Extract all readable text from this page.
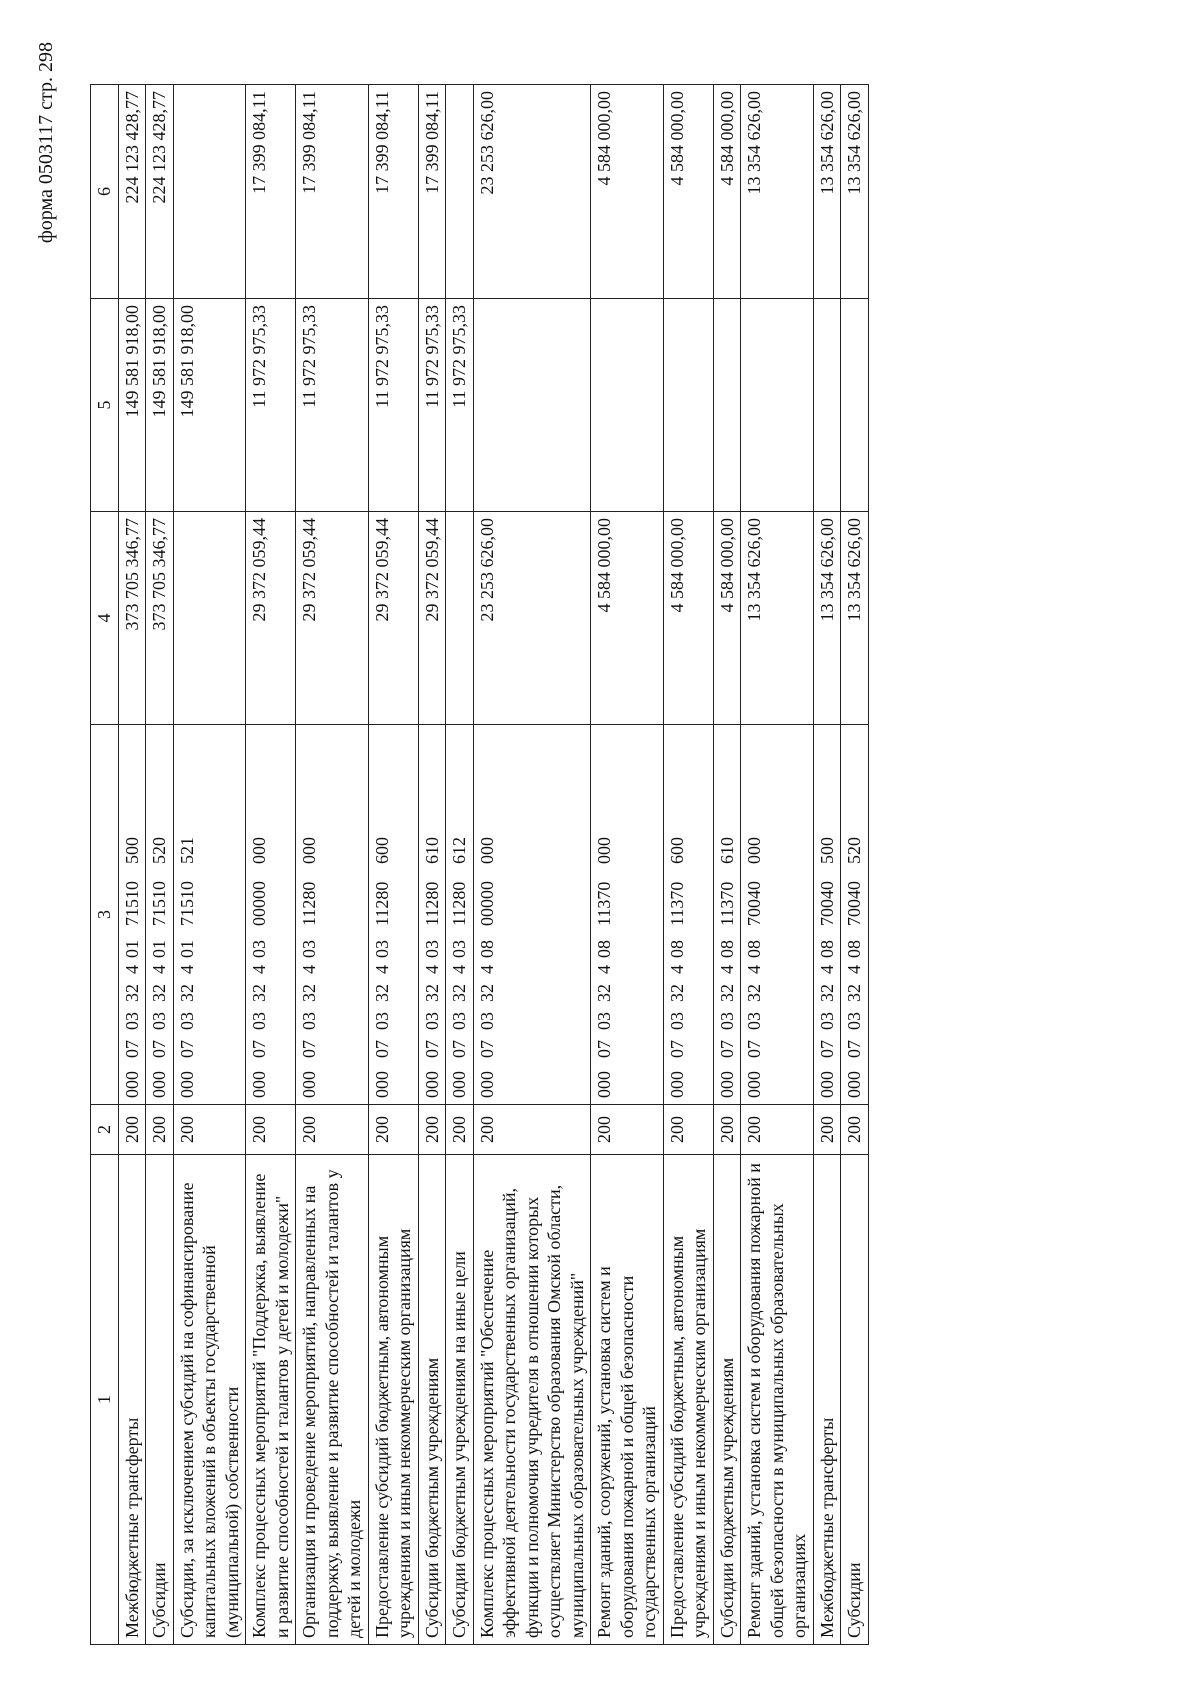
форма 0503117 стр. 298
1	2	3	4	5	6
Межбюджетные трансферты	200	00007033240171510500	373 705 346,77	149 581 918,00	224 123 428,77
Субсидии	200	00007033240171510520	373 705 346,77	149 581 918,00	224 123 428,77
Субсидии, за исключением субсидий на софинансирование капитальных вложений в объекты государственной (муниципальной) собственности	200	00007033240171510521		149 581 918,00	
Комплекс процессных мероприятий "Поддержка, выявление и развитие способностей и талантов у детей и молодежи"	200	00007033240300000000	29 372 059,44	11 972 975,33	17 399 084,11
Организация и проведение мероприятий, направленных на поддержку, выявление и развитие способностей и талантов у детей и молодежи	200	00007033240311280000	29 372 059,44	11 972 975,33	17 399 084,11
Предоставление субсидий бюджетным, автономным учреждениям и иным некоммерческим организациям	200	00007033240311280600	29 372 059,44	11 972 975,33	17 399 084,11
Субсидии бюджетным учреждениям	200	00007033240311280610	29 372 059,44	11 972 975,33	17 399 084,11
Субсидии бюджетным учреждениям на иные цели	200	00007033240311280612		11 972 975,33	
Комплекс процессных мероприятий "Обеспечение эффективной деятельности государственных организаций, функции и полномочия учредителя в отношении которых осуществляет Министерство образования Омской области, муниципальных образовательных учреждений"	200	00007033240800000000	23 253 626,00		23 253 626,00
Ремонт зданий, сооружений, установка систем и оборудования пожарной и общей безопасности государственных организаций	200	00007033240811370000	4 584 000,00		4 584 000,00
Предоставление субсидий бюджетным, автономным учреждениям и иным некоммерческим организациям	200	00007033240811370600	4 584 000,00		4 584 000,00
Субсидии бюджетным учреждениям	200	00007033240811370610	4 584 000,00		4 584 000,00
Ремонт зданий, установка систем и оборудования пожарной и общей безопасности в муниципальных образовательных организациях	200	00007033240870040000	13 354 626,00		13 354 626,00
Межбюджетные трансферты	200	00007033240870040500	13 354 626,00		13 354 626,00
Субсидии	200	00007033240870040520	13 354 626,00		13 354 626,00
